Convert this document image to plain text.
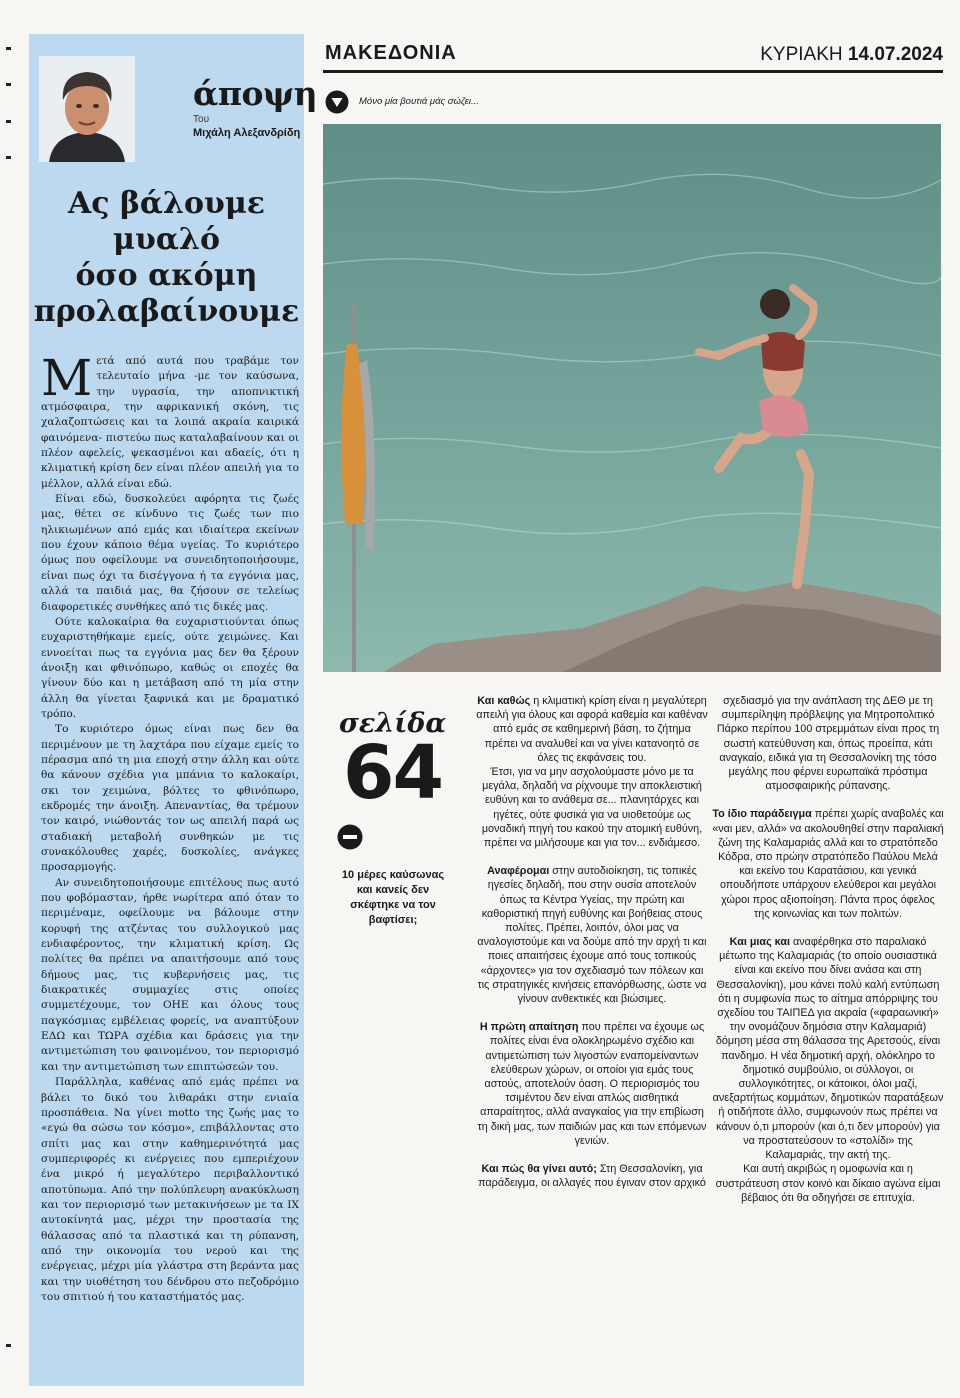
άποψη
Του
Μιχάλη Αλεξανδρίδη
Ας βάλουμε
μυαλό
όσο ακόμη
προλαβαίνουμε

Μετά από αυτά που τραβάμε τον τελευταίο μήνα -με τον καύσωνα, την υγρασία, την αποπνικτική ατμόσφαιρα, την αφρικανική σκόνη, τις χαλαζοπτώσεις και τα λοιπά ακραία καιρικά φαινόμενα- πιστεύω πως καταλαβαίνουν και οι πλέον αφελείς, ψεκασμένοι και αδαείς, ότι η κλιματική κρίση δεν είναι πλέον απειλή για το μέλλον, αλλά είναι εδώ.

Είναι εδώ, δυσκολεύει αφόρητα τις ζωές μας, θέτει σε κίνδυνο τις ζωές των πιο ηλικιωμένων από εμάς και ιδιαίτερα εκείνων που έχουν κάποιο θέμα υγείας. Το κυριότερο όμως που οφείλουμε να συνειδητοποιήσουμε, είναι πως όχι τα δισέγγονα ή τα εγγόνια μας, αλλά τα παιδιά μας, θα ζήσουν σε τελείως διαφορετικές συνθήκες από τις δικές μας.

Ούτε καλοκαίρια θα ευχαριστιούνται όπως ευχαριστηθήκαμε εμείς, ούτε χειμώνες. Και εννοείται πως τα εγγόνια μας δεν θα ξέρουν άνοιξη και φθινόπωρο, καθώς οι εποχές θα γίνουν δύο και η μετάβαση από τη μία στην άλλη θα γίνεται ξαφνικά και με δραματικό τρόπο.

Το κυριότερο όμως είναι πως δεν θα περιμένουν με τη λαχτάρα που είχαμε εμείς το πέρασμα από τη μια εποχή στην άλλη και ούτε θα κάνουν σχέδια για μπάνια το καλοκαίρι, σκι τον χειμώνα, βόλτες το φθινόπωρο, εκδρομές την άνοιξη. Απεναντίας, θα τρέμουν τον καιρό, νιώθοντάς τον ως απειλή παρά ως σταδιακή μεταβολή συνθηκών με τις συνακόλουθες χαρές, δυσκολίες, ανάγκες προσαρμογής.

Αν συνειδητοποιήσουμε επιτέλους πως αυτό που φοβόμασταν, ήρθε νωρίτερα από όταν το περιμέναμε, οφείλουμε να βάλουμε στην κορυφή της ατζέντας του συλλογικού μας ενδιαφέροντος, την κλιματική κρίση. Ως πολίτες θα πρέπει να απαιτήσουμε από τους δήμους μας, τις κυβερνήσεις μας, τις διακρατικές συμμαχίες στις οποίες συμμετέχουμε, τον ΟΗΕ και όλους τους παγκόσμιας εμβέλειας φορείς, να αναπτύξουν ΕΔΩ και ΤΩΡΑ σχέδια και δράσεις για την αντιμετώπιση του φαινομένου, τον περιορισμό και την αντιμετώπιση των επιπτώσεών του.

Παράλληλα, καθένας από εμάς πρέπει να βάλει το δικό του λιθαράκι στην ενιαία προσπάθεια. Να γίνει motto της ζωής μας το «εγώ θα σώσω τον κόσμο», επιβάλλοντας στο σπίτι μας και στην καθημερινότητά μας συμπεριφορές κι ενέργειες που εμπεριέχουν ένα μικρό ή μεγαλύτερο περιβαλλοντικό αποτύπωμα. Από την πολύπλευρη ανακύκλωση και τον περιορισμό των μετακινήσεων με τα ΙΧ αυτοκίνητά μας, μέχρι την προστασία της θάλασσας από τα πλαστικά και τη ρύπανση, από την οικονομία του νερού και της ενέργειας, μέχρι μία γλάστρα στη βεράντα μας και την υιοθέτηση του δένδρου στο πεζοδρόμιο του σπιτιού ή του καταστήματός μας.

ΜΑΚΕΔΟΝΙΑ	ΚΥΡΙΑΚΗ 14.07.2024
Μόνο μία βουτιά μάς σώζει...
σελίδα
64
10 μέρες καύσωνας και κανείς δεν σκέφτηκε να τον βαφτίσει;

Και καθώς η κλιματική κρίση είναι η μεγαλύτερη απειλή για όλους και αφορά καθεμία και καθέναν από εμάς σε καθημερινή βάση, το ζήτημα πρέπει να αναλυθεί και να γίνει κατανοητό σε όλες τις εκφάνσεις του.

Έτσι, για να μην ασχολούμαστε μόνο με τα μεγάλα, δηλαδή να ρίχνουμε την αποκλειστική ευθύνη και το ανάθεμα σε... πλανητάρχες και ηγέτες, ούτε φυσικά για να υιοθετούμε ως μοναδική πηγή του κακού την ατομική ευθύνη, πρέπει να μιλήσουμε και για τον... ενδιάμεσο.

Αναφέρομαι στην αυτοδιοίκηση, τις τοπικές ηγεσίες δηλαδή, που στην ουσία αποτελούν όπως τα Κέντρα Υγείας, την πρώτη και καθοριστική πηγή ευθύνης και βοήθειας στους πολίτες. Πρέπει, λοιπόν, όλοι μας να αναλογιστούμε και να δούμε από την αρχή τι και ποιες απαιτήσεις έχουμε από τους τοπικούς «άρχοντες» για τον σχεδιασμό των πόλεων και τις στρατηγικές κινήσεις επανόρθωσης, ώστε να γίνουν ανθεκτικές και βιώσιμες.

Η πρώτη απαίτηση που πρέπει να έχουμε ως πολίτες είναι ένα ολοκληρωμένο σχέδιο και αντιμετώπιση των λιγοστών εναπομείναντων ελεύθερων χώρων, οι οποίοι για εμάς τους αστούς, αποτελούν όαση. Ο περιορισμός του τσιμέντου δεν είναι απλώς αισθητικά απαραίτητος, αλλά αναγκαίος για την επιβίωση τη δική μας, των παιδιών μας και των επόμενων γενιών.

Και πώς θα γίνει αυτό; Στη Θεσσαλονίκη, για παράδειγμα, οι αλλαγές που έγιναν στον αρχικό

σχεδιασμό για την ανάπλαση της ΔΕΘ με τη συμπερίληψη πρόβλεψης για Μητροπολιτικό Πάρκο περίπου 100 στρεμμάτων είναι προς τη σωστή κατεύθυνση και, όπως προείπα, κάτι αναγκαίο, ειδικά για τη Θεσσαλονίκη της τόσο μεγάλης που φέρνει ευρωπαϊκά πρόστιμα ατμοσφαιρικής ρύπανσης.

Το ίδιο παράδειγμα πρέπει χωρίς αναβολές και «ναι μεν, αλλά» να ακολουθηθεί στην παραλιακή ζώνη της Καλαμαριάς αλλά και το στρατόπεδο Κόδρα, στο πρώην στρατόπεδο Παύλου Μελά και εκείνο του Καρατάσιου, και γενικά οπουδήποτε υπάρχουν ελεύθεροι και μεγάλοι χώροι προς αξιοποίηση. Πάντα προς όφελος της κοινωνίας και των πολιτών.

Και μιας και αναφέρθηκα στο παραλιακό μέτωπο της Καλαμαριάς (το οποίο ουσιαστικά είναι και εκείνο που δίνει ανάσα και στη Θεσσαλονίκη), μου κάνει πολύ καλή εντύπωση ότι η συμφωνία πως το αίτημα απόρριψης του σχεδίου του ΤΑΙΠΕΔ για ακραία («φαραωνική» την ονομάζουν δημόσια στην Καλαμαριά) δόμηση μέσα στη θάλασσα της Αρετσούς, είναι πανδημο. Η νέα δημοτική αρχή, ολόκληρο το δημοτικό συμβούλιο, οι σύλλογοι, οι συλλογικότητες, οι κάτοικοι, όλοι μαζί, ανεξαρτήτως κομμάτων, δημοτικών παρατάξεων ή οτιδήποτε άλλο, συμφωνούν πως πρέπει να κάνουν ό,τι μπορούν (και ό,τι δεν μπορούν) για να προστατεύσουν το «στολίδι» της Καλαμαριάς, την ακτή της.

Και αυτή ακριβώς η ομοφωνία και η συστράτευση στον κοινό και δίκαιο αγώνα είμαι βέβαιος ότι θα οδηγήσει σε επιτυχία.
